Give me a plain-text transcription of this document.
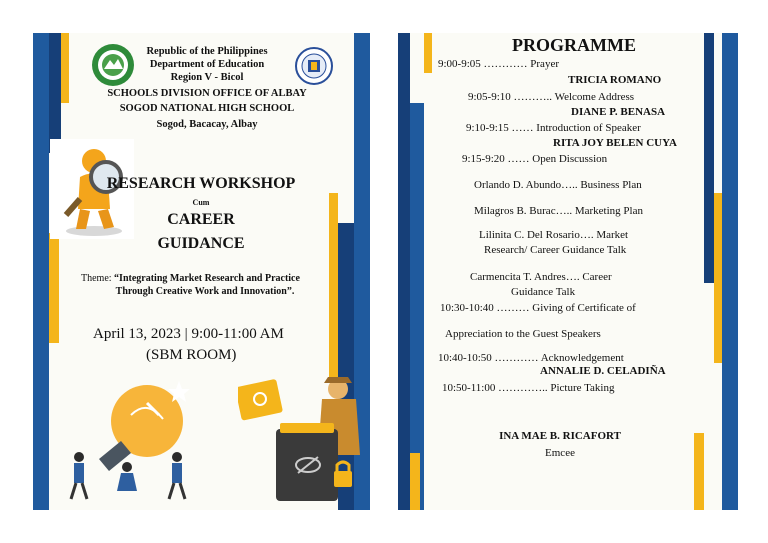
Republic of the Philippines
Department of Education
Region V - Bicol
SCHOOLS DIVISION OFFICE OF ALBAY
SOGOD NATIONAL HIGH SCHOOL
Sogod, Bacacay, Albay
RESEARCH WORKSHOP
Cum
CAREER
GUIDANCE
Theme: “Integrating Market Research and Practice
Through Creative Work and Innovation”.
April 13, 2023 | 9:00-11:00 AM
(SBM ROOM)
PROGRAMME
9:00-9:05 ………… Prayer
TRICIA ROMANO
9:05-9:10 ……….. Welcome Address
DIANE P. BENASA
9:10-9:15 …… Introduction of Speaker
RITA JOY BELEN CUYA
9:15-9:20 …… Open Discussion
Orlando D. Abundo….. Business Plan
Milagros B. Burac….. Marketing Plan
Lilinita C. Del Rosario…. Market
Research/ Career Guidance Talk
Carmencita T. Andres…. Career
Guidance Talk
10:30-10:40 ……… Giving of Certificate of
Appreciation to the Guest Speakers
10:40-10:50 ………… Acknowledgement
ANNALIE D. CELADIÑA
10:50-11:00 ………….. Picture Taking
INA MAE B. RICAFORT
Emcee
